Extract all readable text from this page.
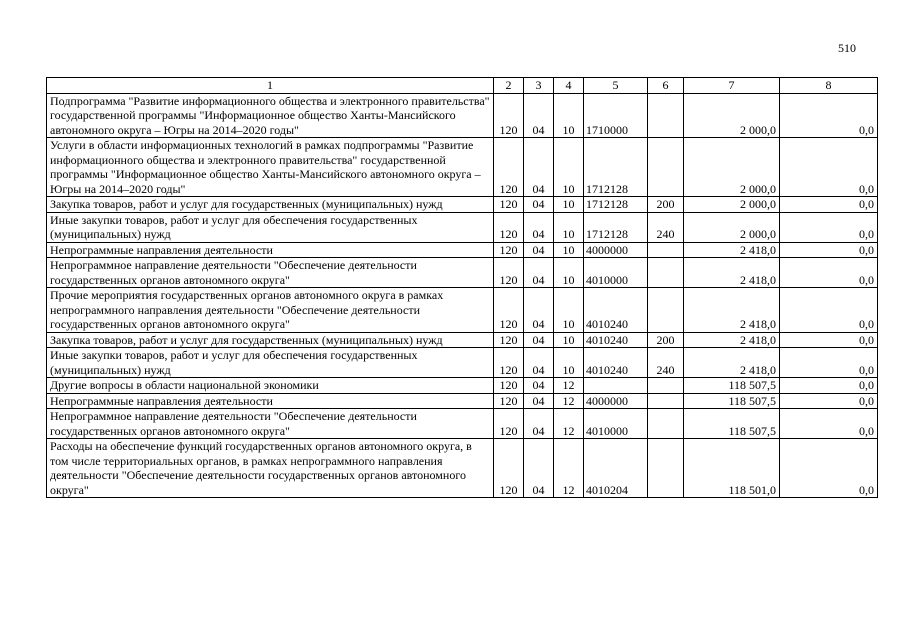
510
1	2	3	4	5	6	7	8
Подпрограмма "Развитие информационного общества и электронного правительства" государственной программы "Информационное общество Ханты-Мансийского автономного округа – Югры на 2014–2020 годы"	120	04	10	1710000		2 000,0	0,0
Услуги в области информационных технологий в рамках подпрограммы "Развитие информационного общества и электронного правительства" государственной программы "Информационное общество Ханты-Мансийского автономного округа – Югры на 2014–2020 годы"	120	04	10	1712128		2 000,0	0,0
Закупка товаров, работ и услуг для государственных (муниципальных) нужд	120	04	10	1712128	200	2 000,0	0,0
Иные закупки товаров, работ и услуг для обеспечения государственных (муниципальных) нужд	120	04	10	1712128	240	2 000,0	0,0
Непрограммные направления деятельности	120	04	10	4000000		2 418,0	0,0
Непрограммное направление деятельности "Обеспечение деятельности государственных органов автономного округа"	120	04	10	4010000		2 418,0	0,0
Прочие мероприятия государственных органов автономного округа в рамках непрограммного направления деятельности "Обеспечение деятельности государственных органов автономного округа"	120	04	10	4010240		2 418,0	0,0
Закупка товаров, работ и услуг для государственных (муниципальных) нужд	120	04	10	4010240	200	2 418,0	0,0
Иные закупки товаров, работ и услуг для обеспечения государственных (муниципальных) нужд	120	04	10	4010240	240	2 418,0	0,0
Другие вопросы в области национальной экономики	120	04	12			118 507,5	0,0
Непрограммные направления деятельности	120	04	12	4000000		118 507,5	0,0
Непрограммное направление деятельности "Обеспечение деятельности государственных органов автономного округа"	120	04	12	4010000		118 507,5	0,0
Расходы на обеспечение функций государственных органов автономного округа, в том числе территориальных органов, в рамках непрограммного направления деятельности "Обеспечение деятельности государственных органов автономного округа"	120	04	12	4010204		118 501,0	0,0
